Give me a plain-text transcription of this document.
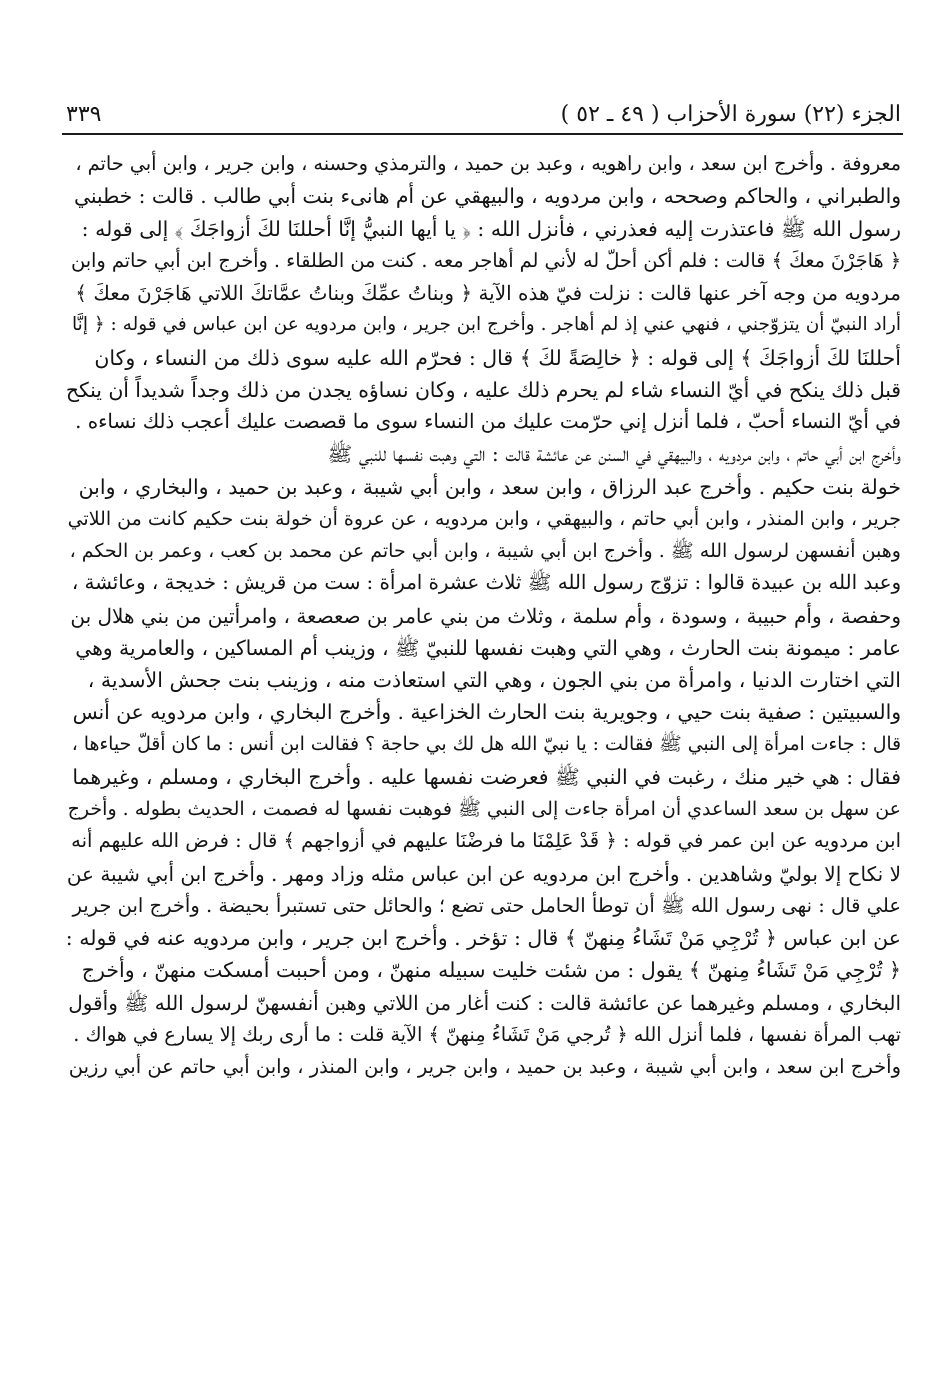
الجزء (٢٢) سورة الأحزاب ( ٤٩ ـ ٥٢ )
٣٣٩
معروفة . وأخرج ابن سعد ، وابن راهويه ، وعبد بن حميد ، والترمذي وحسنه ، وابن جرير ، وابن أبي حاتم ،
والطبراني ، والحاكم وصححه ، وابن مردويه ، والبيهقي عن أم هانىء بنت أبي طالب . قالت : خطبني
رسول الله ﷺ فاعتذرت إليه فعذرني ، فأنزل الله : ﴿ يا أيها النبيُّ إنَّا أحللنَا لكَ أزواجَكَ ﴾ إلى قوله :
﴿ هَاجَرْنَ معكَ ﴾ قالت : فلم أكن أحلّ له لأني لم أهاجر معه . كنت من الطلقاء . وأخرج ابن أبي حاتم وابن
مردويه من وجه آخر عنها قالت : نزلت فيّ هذه الآية ﴿ وبناتُ عمِّكَ وبناتُ عمَّاتكَ اللاتي هَاجَرْنَ معكَ ﴾
أراد النبيّ أن يتزوّجني ، فنهي عني إذ لم أهاجر . وأخرج ابن جرير ، وابن مردويه عن ابن عباس في قوله : ﴿ إنَّا
أحللنَا لكَ أزواجَكَ ﴾ إلى قوله : ﴿ خالِصَةً لكَ ﴾ قال : فحرّم الله عليه سوى ذلك من النساء ، وكان
قبل ذلك ينكح في أيّ النساء شاء لم يحرم ذلك عليه ، وكان نساؤه يجدن من ذلك وجداً شديداً أن ينكح
في أيّ النساء أحبّ ، فلما أنزل إني حرّمت عليك من النساء سوى ما قصصت عليك أعجب ذلك نساءه .
وأخرج ابن أبي حاتم ، وابن مردويه ، والبيهقي في السنن عن عائشة قالت : التي وهبت نفسها للنبي ﷺ
خولة بنت حكيم . وأخرج عبد الرزاق ، وابن سعد ، وابن أبي شيبة ، وعبد بن حميد ، والبخاري ، وابن
جرير ، وابن المنذر ، وابن أبي حاتم ، والبيهقي ، وابن مردويه ، عن عروة أن خولة بنت حكيم كانت من اللاتي
وهبن أنفسهن لرسول الله ﷺ . وأخرج ابن أبي شيبة ، وابن أبي حاتم عن محمد بن كعب ، وعمر بن الحكم ،
وعبد الله بن عبيدة قالوا : تزوّج رسول الله ﷺ ثلاث عشرة امرأة : ست من قريش : خديجة ، وعائشة ،
وحفصة ، وأم حبيبة ، وسودة ، وأم سلمة ، وثلاث من بني عامر بن صعصعة ، وامرأتين من بني هلال بن
عامر : ميمونة بنت الحارث ، وهي التي وهبت نفسها للنبيّ ﷺ ، وزينب أم المساكين ، والعامرية وهي
التي اختارت الدنيا ، وامرأة من بني الجون ، وهي التي استعاذت منه ، وزينب بنت جحش الأسدية ،
والسبيتين : صفية بنت حيي ، وجويرية بنت الحارث الخزاعية . وأخرج البخاري ، وابن مردويه عن أنس
قال : جاءت امرأة إلى النبي ﷺ فقالت : يا نبيّ الله هل لك بي حاجة ؟ فقالت ابن أنس : ما كان أقلّ حياءها ،
فقال : هي خير منك ، رغبت في النبي ﷺ فعرضت نفسها عليه . وأخرج البخاري ، ومسلم ، وغيرهما
عن سهل بن سعد الساعدي أن امرأة جاءت إلى النبي ﷺ فوهبت نفسها له فصمت ، الحديث بطوله . وأخرج
ابن مردويه عن ابن عمر في قوله : ﴿ قَدْ عَلِمْنَا ما فرضْنَا عليهم في أزواجهم ﴾ قال : فرض الله عليهم أنه
لا نكاح إلا بوليّ وشاهدين . وأخرج ابن مردويه عن ابن عباس مثله وزاد ومهر . وأخرج ابن أبي شيبة عن
علي قال : نهى رسول الله ﷺ أن توطأ الحامل حتى تضع ؛ والحائل حتى تستبرأ بحيضة . وأخرج ابن جرير
عن ابن عباس ﴿ تُرْجِي مَنْ تَشَاءُ مِنهنّ ﴾ قال : تؤخر . وأخرج ابن جرير ، وابن مردويه عنه في قوله :
﴿ تُرْجِي مَنْ تَشَاءُ مِنهنّ ﴾ يقول : من شئت خليت سبيله منهنّ ، ومن أحببت أمسكت منهنّ ، وأخرج
البخاري ، ومسلم وغيرهما عن عائشة قالت : كنت أغار من اللاتي وهبن أنفسهنّ لرسول الله ﷺ وأقول
تهب المرأة نفسها ، فلما أنزل الله ﴿ تُرجي مَنْ تَشَاءُ مِنهنّ ﴾ الآية قلت : ما أرى ربك إلا يسارع في هواك .
وأخرج ابن سعد ، وابن أبي شيبة ، وعبد بن حميد ، وابن جرير ، وابن المنذر ، وابن أبي حاتم عن أبي رزين
